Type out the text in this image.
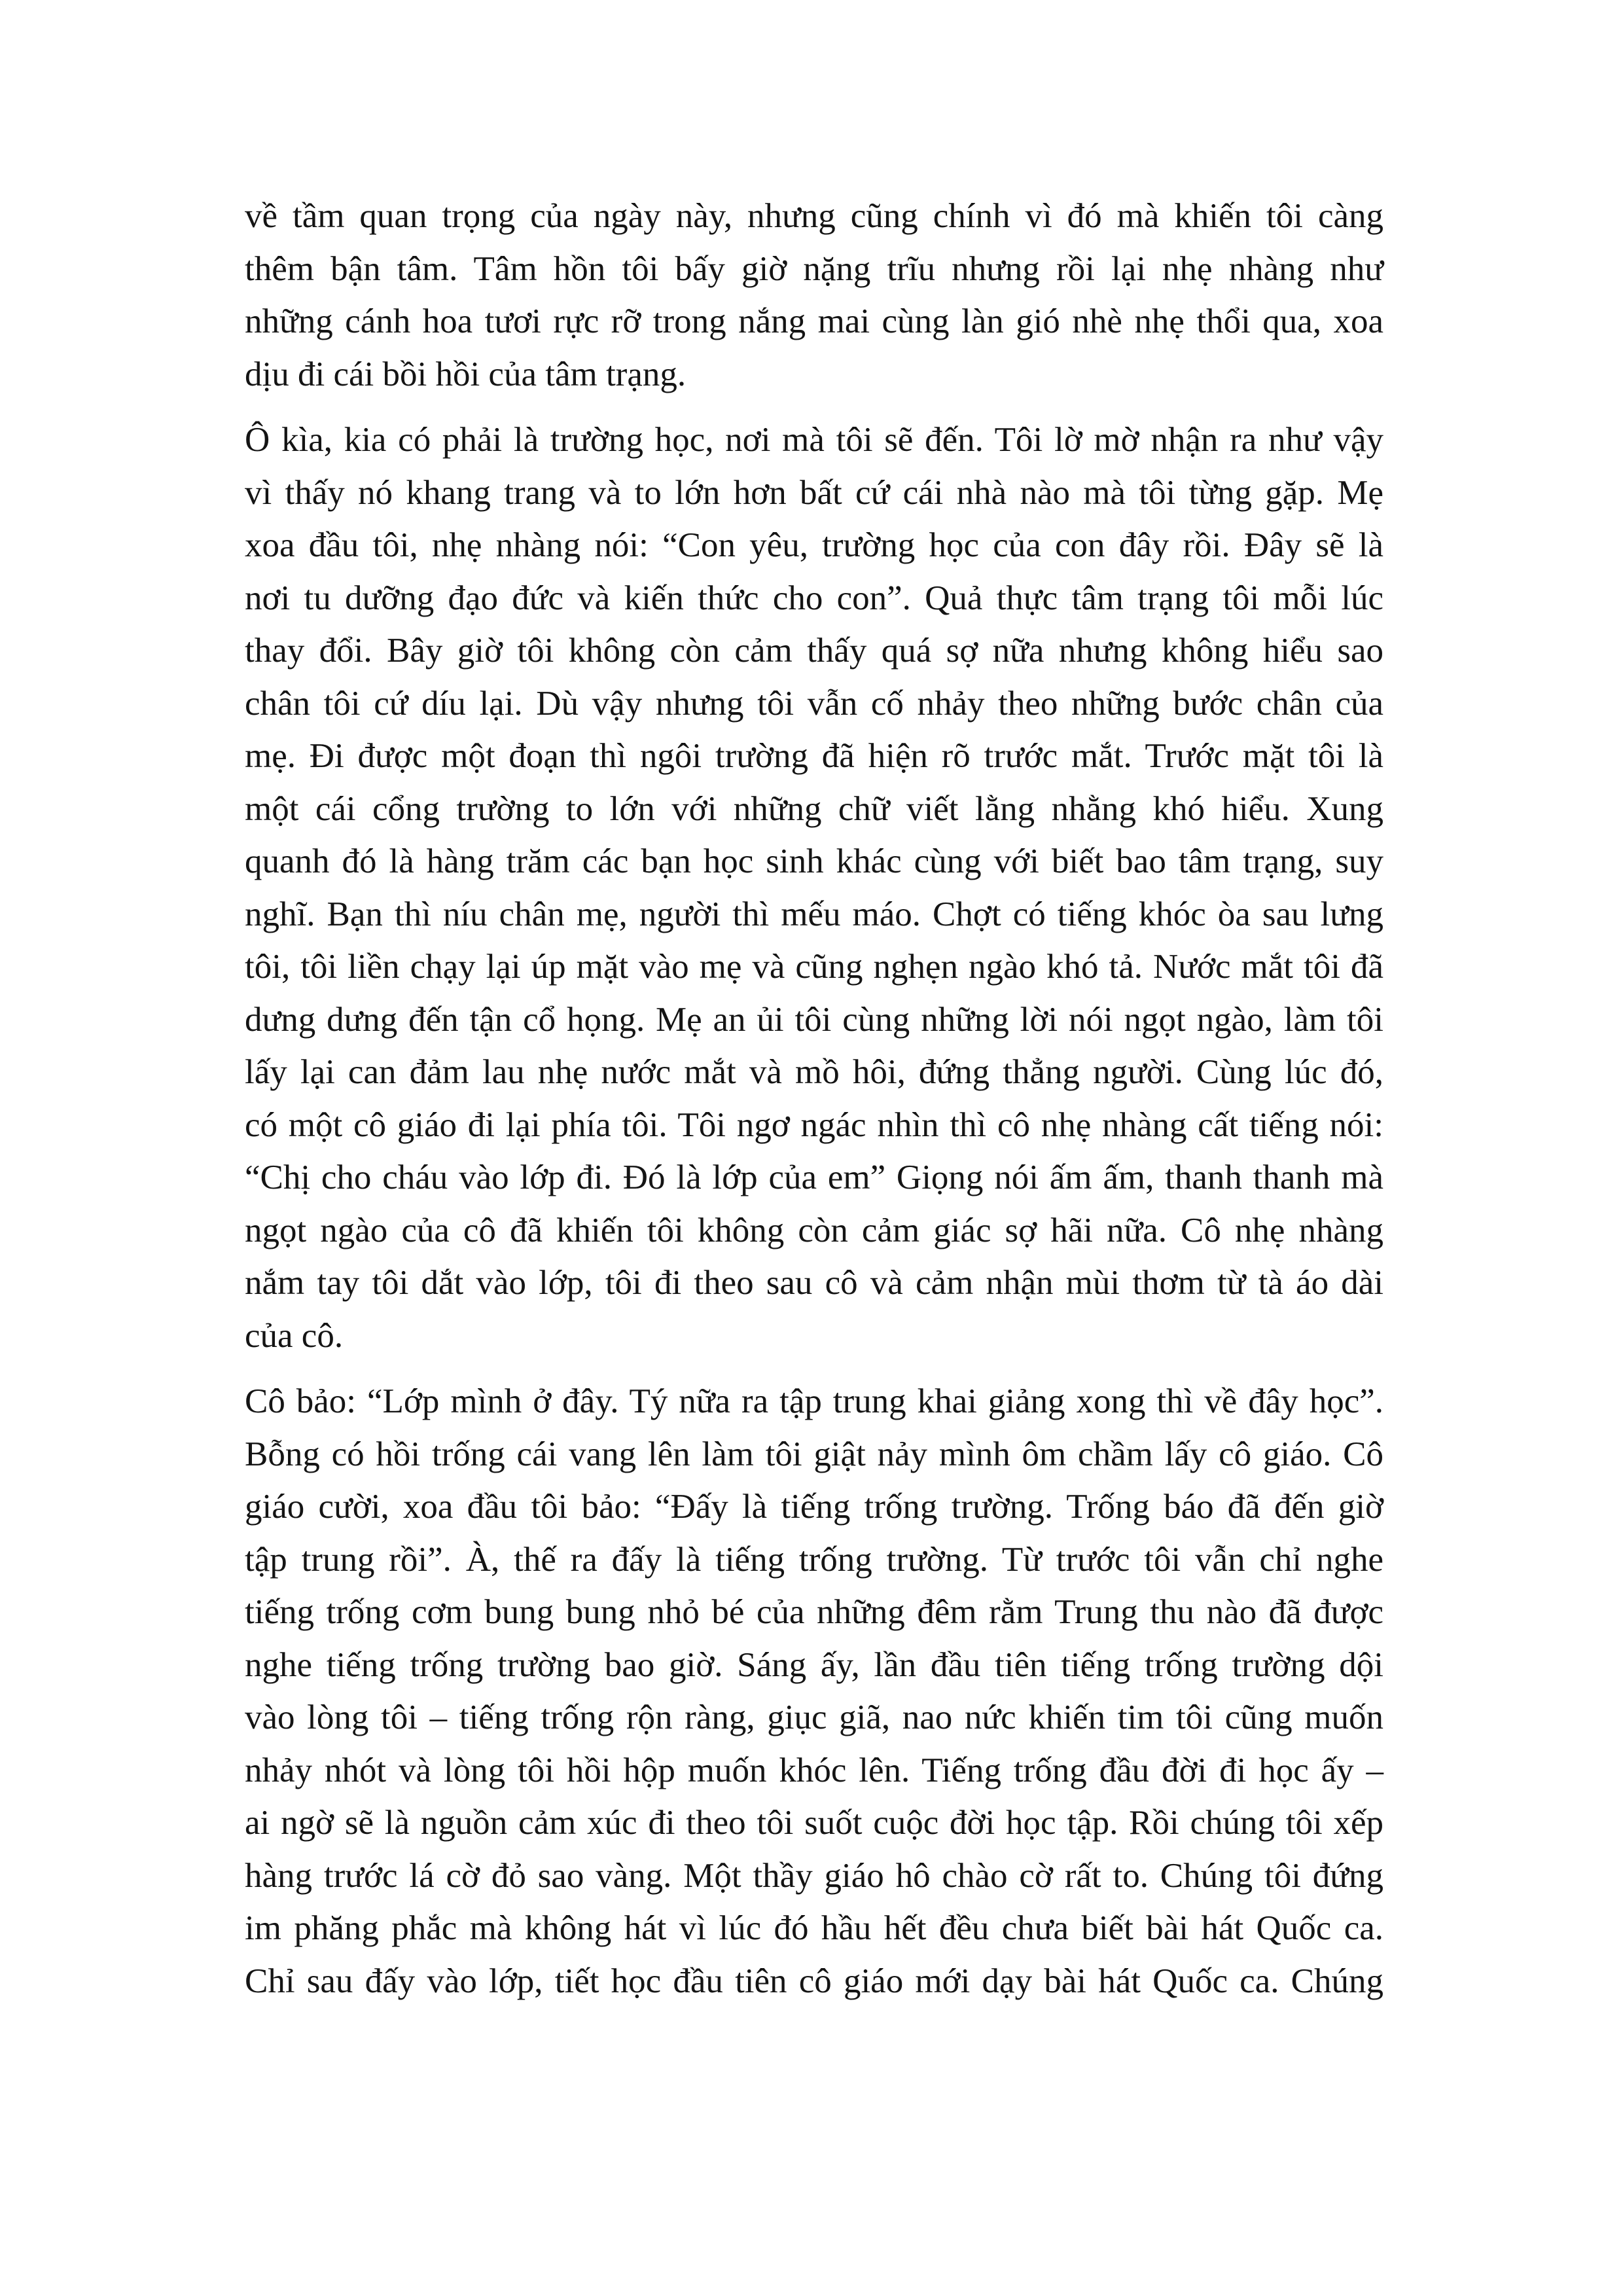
về tầm quan trọng của ngày này, nhưng cũng chính vì đó mà khiến tôi càng
thêm bận tâm. Tâm hồn tôi bấy giờ nặng trĩu nhưng rồi lại nhẹ nhàng như
những cánh hoa tươi rực rỡ trong nắng mai cùng làn gió nhè nhẹ thổi qua, xoa
dịu đi cái bồi hồi của tâm trạng.
Ô kìa, kia có phải là trường học, nơi mà tôi sẽ đến. Tôi lờ mờ nhận ra như vậy
vì thấy nó khang trang và to lớn hơn bất cứ cái nhà nào mà tôi từng gặp. Mẹ
xoa đầu tôi, nhẹ nhàng nói: “Con yêu, trường học của con đây rồi. Đây sẽ là
nơi tu dưỡng đạo đức và kiến thức cho con”. Quả thực tâm trạng tôi mỗi lúc
thay đổi. Bây giờ tôi không còn cảm thấy quá sợ nữa nhưng không hiểu sao
chân tôi cứ díu lại. Dù vậy nhưng tôi vẫn cố nhảy theo những bước chân của
mẹ. Đi được một đoạn thì ngôi trường đã hiện rõ trước mắt. Trước mặt tôi là
một cái cổng trường to lớn với những chữ viết lằng nhằng khó hiểu. Xung
quanh đó là hàng trăm các bạn học sinh khác cùng với biết bao tâm trạng, suy
nghĩ. Bạn thì níu chân mẹ, người thì mếu máo. Chợt có tiếng khóc òa sau lưng
tôi, tôi liền chạy lại úp mặt vào mẹ và cũng nghẹn ngào khó tả. Nước mắt tôi đã
dưng dưng đến tận cổ họng. Mẹ an ủi tôi cùng những lời nói ngọt ngào, làm tôi
lấy lại can đảm lau nhẹ nước mắt và mồ hôi, đứng thẳng người. Cùng lúc đó,
có một cô giáo đi lại phía tôi. Tôi ngơ ngác nhìn thì cô nhẹ nhàng cất tiếng nói:
“Chị cho cháu vào lớp đi. Đó là lớp của em” Giọng nói ấm ấm, thanh thanh mà
ngọt ngào của cô đã khiến tôi không còn cảm giác sợ hãi nữa. Cô nhẹ nhàng
nắm tay tôi dắt vào lớp, tôi đi theo sau cô và cảm nhận mùi thơm từ tà áo dài
của cô.
Cô bảo: “Lớp mình ở đây. Tý nữa ra tập trung khai giảng xong thì về đây học”.
Bỗng có hồi trống cái vang lên làm tôi giật nảy mình ôm chầm lấy cô giáo. Cô
giáo cười, xoa đầu tôi bảo: “Đấy là tiếng trống trường. Trống báo đã đến giờ
tập trung rồi”. À, thế ra đấy là tiếng trống trường. Từ trước tôi vẫn chỉ nghe
tiếng trống cơm bung bung nhỏ bé của những đêm rằm Trung thu nào đã được
nghe tiếng trống trường bao giờ. Sáng ấy, lần đầu tiên tiếng trống trường dội
vào lòng tôi – tiếng trống rộn ràng, giục giã, nao nức khiến tim tôi cũng muốn
nhảy nhót và lòng tôi hồi hộp muốn khóc lên. Tiếng trống đầu đời đi học ấy –
ai ngờ sẽ là nguồn cảm xúc đi theo tôi suốt cuộc đời học tập. Rồi chúng tôi xếp
hàng trước lá cờ đỏ sao vàng. Một thầy giáo hô chào cờ rất to. Chúng tôi đứng
im phăng phắc mà không hát vì lúc đó hầu hết đều chưa biết bài hát Quốc ca.
Chỉ sau đấy vào lớp, tiết học đầu tiên cô giáo mới dạy bài hát Quốc ca. Chúng
